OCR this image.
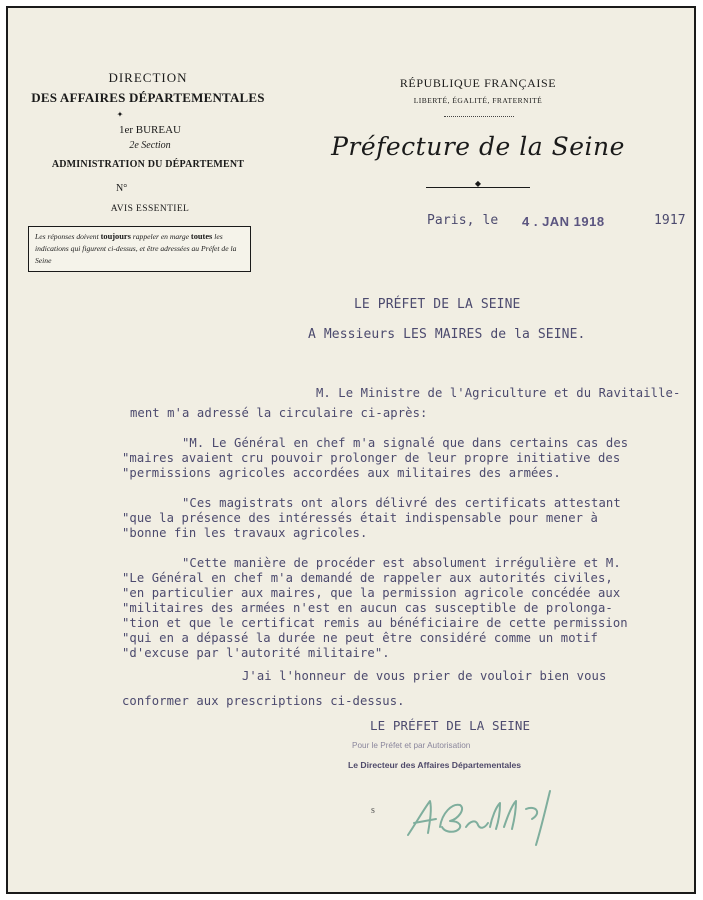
DIRECTION
DES AFFAIRES DÉPARTEMENTALES
✦
1er BUREAU
2e Section
ADMINISTRATION DU DÉPARTEMENT
N°
AVIS ESSENTIEL
Les réponses doivent toujours rappeler en marge toutes les indications qui figurent ci-dessus, et être adressées au Préfet de la Seine
RÉPUBLIQUE FRANÇAISE
LIBERTÉ, ÉGALITÉ, FRATERNITÉ
Préfecture de la Seine
◆
Paris, le 4 . JAN 1918	1917
LE PRÉFET DE LA SEINE
A Messieurs LES MAIRES de la SEINE.
M. Le Ministre de l'Agriculture et du Ravitaille-
ment m'a adressé la circulaire ci-après:
"M. Le Général en chef m'a signalé que dans certains cas des
"maires avaient cru pouvoir prolonger de leur propre initiative des
"permissions agricoles accordées aux militaires des armées.
"Ces magistrats ont alors délivré des certificats attestant
"que la présence des intéressés était indispensable pour mener à
"bonne fin les travaux agricoles.
"Cette manière de procéder est absolument irrégulière et M.
"Le Général en chef m'a demandé de rappeler aux autorités civiles,
"en particulier aux maires, que la permission agricole concédée aux
"militaires des armées n'est en aucun cas susceptible de prolonga-
"tion et que le certificat remis au bénéficiaire de cette permission
"qui en a dépassé la durée ne peut être considéré comme un motif
"d'excuse par l'autorité militaire".
J'ai l'honneur de vous prier de vouloir bien vous
conformer aux prescriptions ci-dessus.
LE PRÉFET DE LA SEINE
Pour le Préfet et par Autorisation
Le Directeur des Affaires Départementales
s
